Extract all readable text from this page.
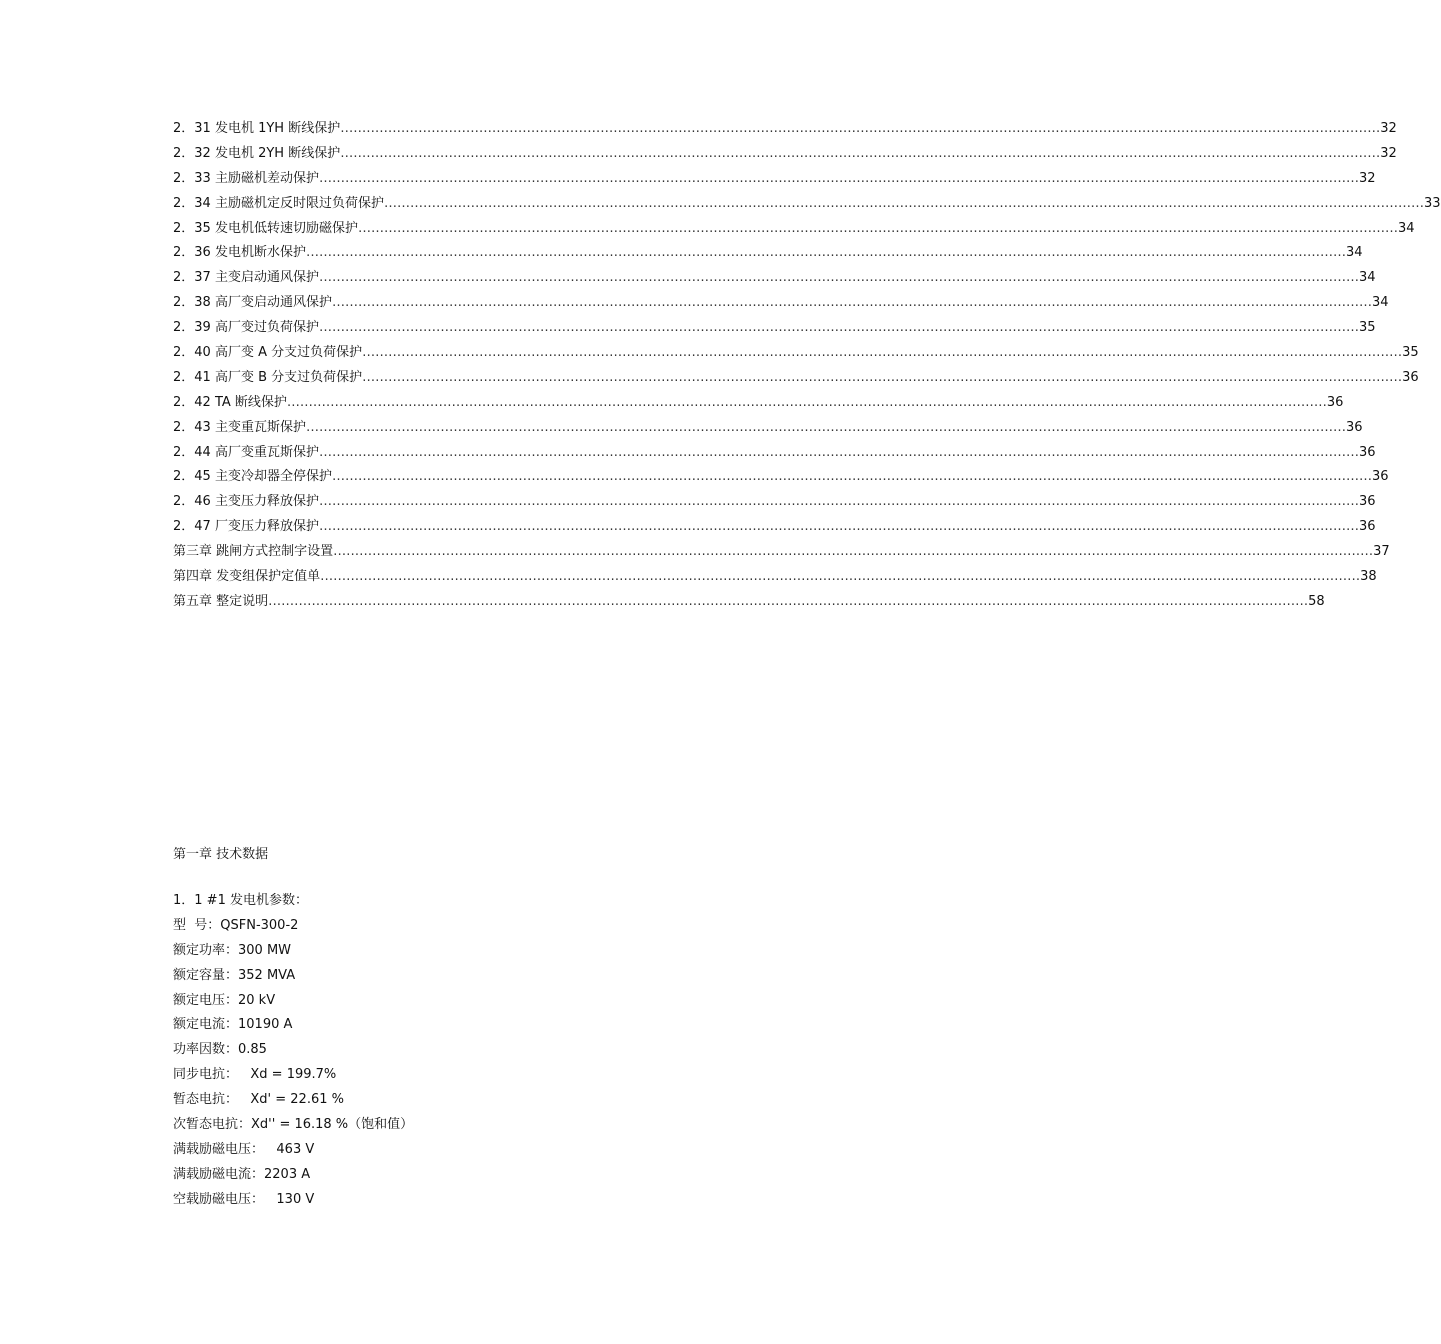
2．31 发电机 1YH 断线保护 …………………………………………………………………………………………………………………………………………………………………………………………………………………… 32
2．32 发电机 2YH 断线保护 …………………………………………………………………………………………………………………………………………………………………………………………………………………… 32
2．33 主励磁机差动保护 …………………………………………………………………………………………………………………………………………………………………………………………………………………… 32
2．34 主励磁机定反时限过负荷保护 …………………………………………………………………………………………………………………………………………………………………………………………………………………… 33
2．35 发电机低转速切励磁保护 …………………………………………………………………………………………………………………………………………………………………………………………………………………… 34
2．36 发电机断水保护 …………………………………………………………………………………………………………………………………………………………………………………………………………………… 34
2．37 主变启动通风保护 …………………………………………………………………………………………………………………………………………………………………………………………………………………… 34
2．38 高厂变启动通风保护 …………………………………………………………………………………………………………………………………………………………………………………………………………………… 34
2．39 高厂变过负荷保护 …………………………………………………………………………………………………………………………………………………………………………………………………………………… 35
2．40 高厂变 A 分支过负荷保护 …………………………………………………………………………………………………………………………………………………………………………………………………………………… 35
2．41 高厂变 B 分支过负荷保护 …………………………………………………………………………………………………………………………………………………………………………………………………………………… 36
2．42 TA 断线保护 …………………………………………………………………………………………………………………………………………………………………………………………………………………… 36
2．43 主变重瓦斯保护 …………………………………………………………………………………………………………………………………………………………………………………………………………………… 36
2．44 高厂变重瓦斯保护 …………………………………………………………………………………………………………………………………………………………………………………………………………………… 36
2．45 主变冷却器全停保护 …………………………………………………………………………………………………………………………………………………………………………………………………………………… 36
2．46 主变压力释放保护 …………………………………………………………………………………………………………………………………………………………………………………………………………………… 36
2．47 厂变压力释放保护 …………………………………………………………………………………………………………………………………………………………………………………………………………………… 36
第三章 跳闸方式控制字设置 …………………………………………………………………………………………………………………………………………………………………………………………………………………… 37
第四章 发变组保护定值单 …………………………………………………………………………………………………………………………………………………………………………………………………………………… 38
第五章 整定说明 …………………………………………………………………………………………………………………………………………………………………………………………………………………… 58
第一章 技术数据
1．1 #1 发电机参数：
型  号：QSFN-300-2
额定功率：300 MW
额定容量：352 MVA
额定电压：20 kV
额定电流：10190 A
功率因数：0.85
同步电抗：   Xd = 199.7%
暂态电抗：   Xd' = 22.61 %
次暂态电抗：Xd'' = 16.18 %（饱和值）
满载励磁电压：   463 V
满载励磁电流：2203 A
空载励磁电压：   130 V
